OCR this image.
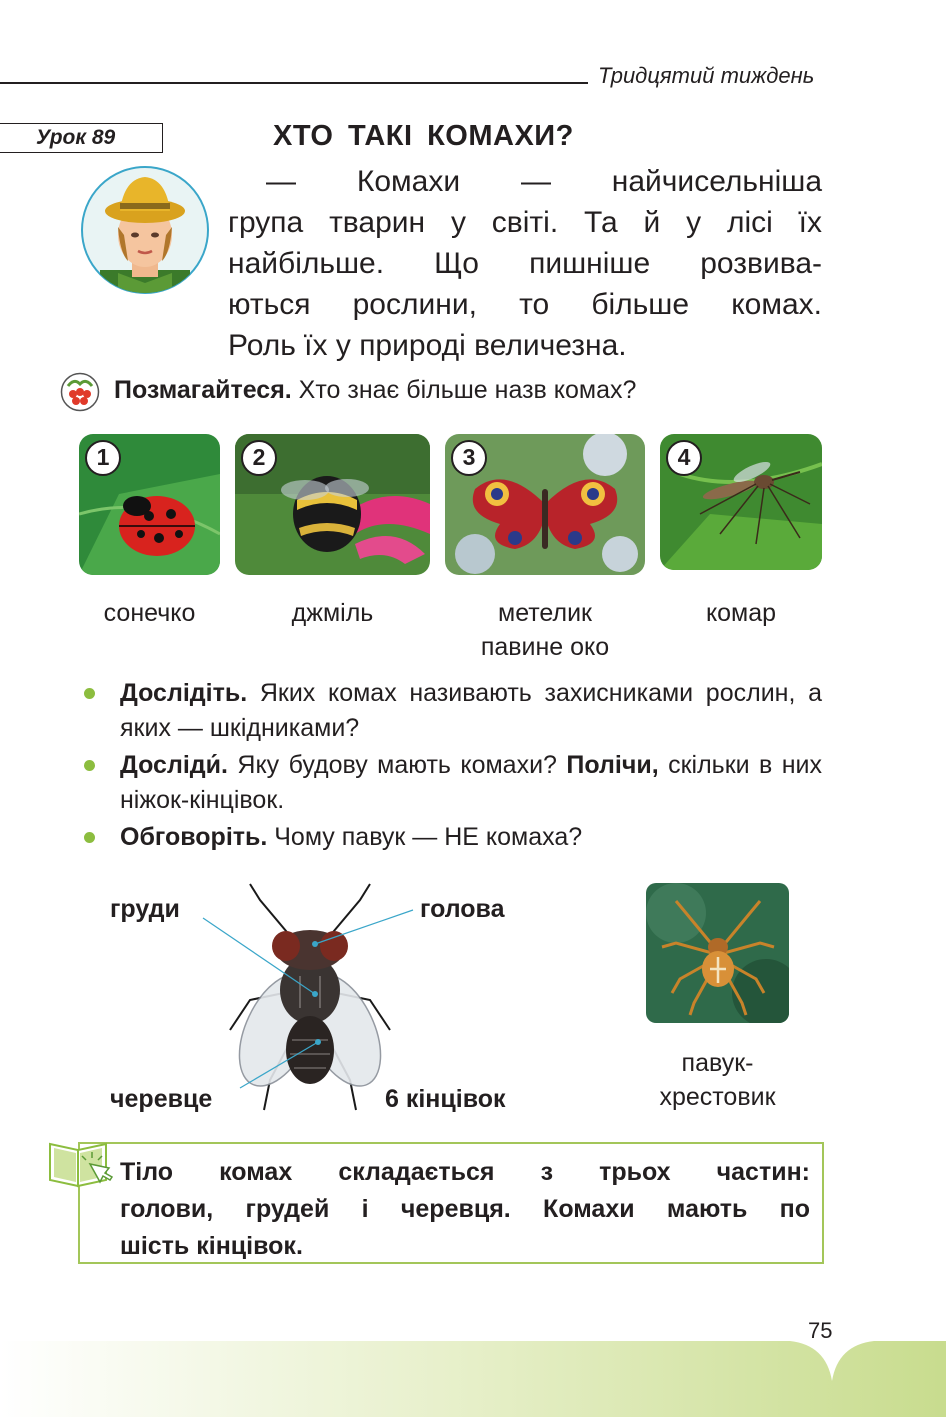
Тридцятий тиждень
Урок 89	ХТО ТАКІ КОМАХИ?
— Комахи — найчисельніша
група тварин у світі. Та й у лісі їх
найбільше. Що пишніше розвива-
ються рослини, то більше комах.
Роль їх у природі величезна.
Позмагайтеся. Хто знає більше назв комах?
1	2	3	4
сонечко	джміль	метелик
павине око
комар
Дослідіть. Яких комах називають захисниками рослин, а яких — шкідниками?
Досліди́. Яку будову мають комахи? Полічи, скільки в них ніжок-кінцівок.
Обговоріть. Чому павук — НЕ комаха?
груди	голова
черевце	6 кінцівок
павук-
хрестовик
Тіло комах складається з трьох частин:
голови, грудей і черевця. Комахи мають по
шість кінцівок.
75
